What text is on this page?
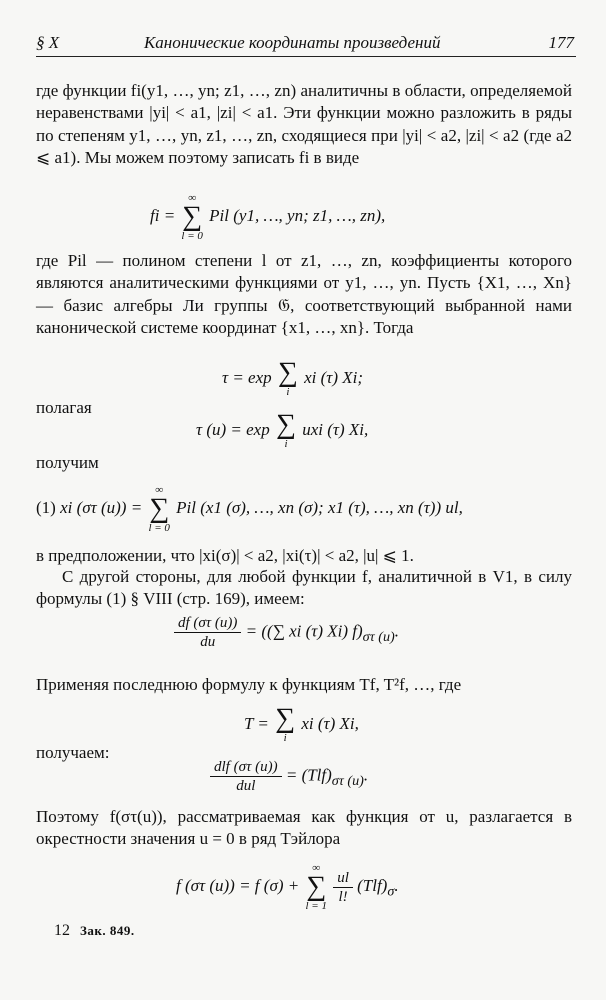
§ X	Канонические координаты произведений	177

где функции fi(y1, …, yn; z1, …, zn) аналитичны в области, определяемой неравенствами |yi| < a1, |zi| < a1. Эти функции можно разложить в ряды по степеням y1, …, yn, z1, …, zn, сходящиеся при |yi| < a2, |zi| < a2 (где a2 ⩽ a1). Мы можем поэтому записать fi в виде

fi =
∞
∑
l = 0
Pil (y1, …, yn; z1, …, zn),

где Pil — полином степени l от z1, …, zn, коэффициенты которого являются аналитическими функциями от y1, …, yn. Пусть {X1, …, Xn} — базис алгебры Ли группы 𝔊, соответствующий выбранной нами канонической системе координат {x1, …, xn}. Тогда

τ = exp ∑
i
xi (τ) Xi;

полагая

τ (u) = exp ∑
i
uxi (τ) Xi,

получим

(1) xi (στ (u)) =
∞
∑
l = 0
Pil (x1 (σ), …, xn (σ); x1 (τ), …, xn (τ)) ul,

в предположении, что |xi(σ)| < a2, |xi(τ)| < a2, |u| ⩽ 1.

С другой стороны, для любой функции f, аналитичной в V1, в силу формулы (1) § VIII (стр. 169), имеем:

$\frac{df (\sigma\tau (u))}{du}$ = ((∑ xi (τ) Xi) $f)_{\sigma\tau (u)}$.

Применяя последнюю формулу к функциям Tf, T²f, …, где

T = ∑
i
xi (τ) Xi,

получаем:

$\frac{\text{dlf (στ (u))}}{\text{dul}} = (Tlf)_{\sigma\tau (u)}$.

Поэтому f(στ(u)), рассматриваемая как функция от u, разлагается в окрестности значения u = 0 в ряд Тэйлора

f (στ (u)) = f (σ) +
∞
∑
l = 1

$\frac{ul}{l!} (Tlf)_\sigma$.
12 Зак. 849.
